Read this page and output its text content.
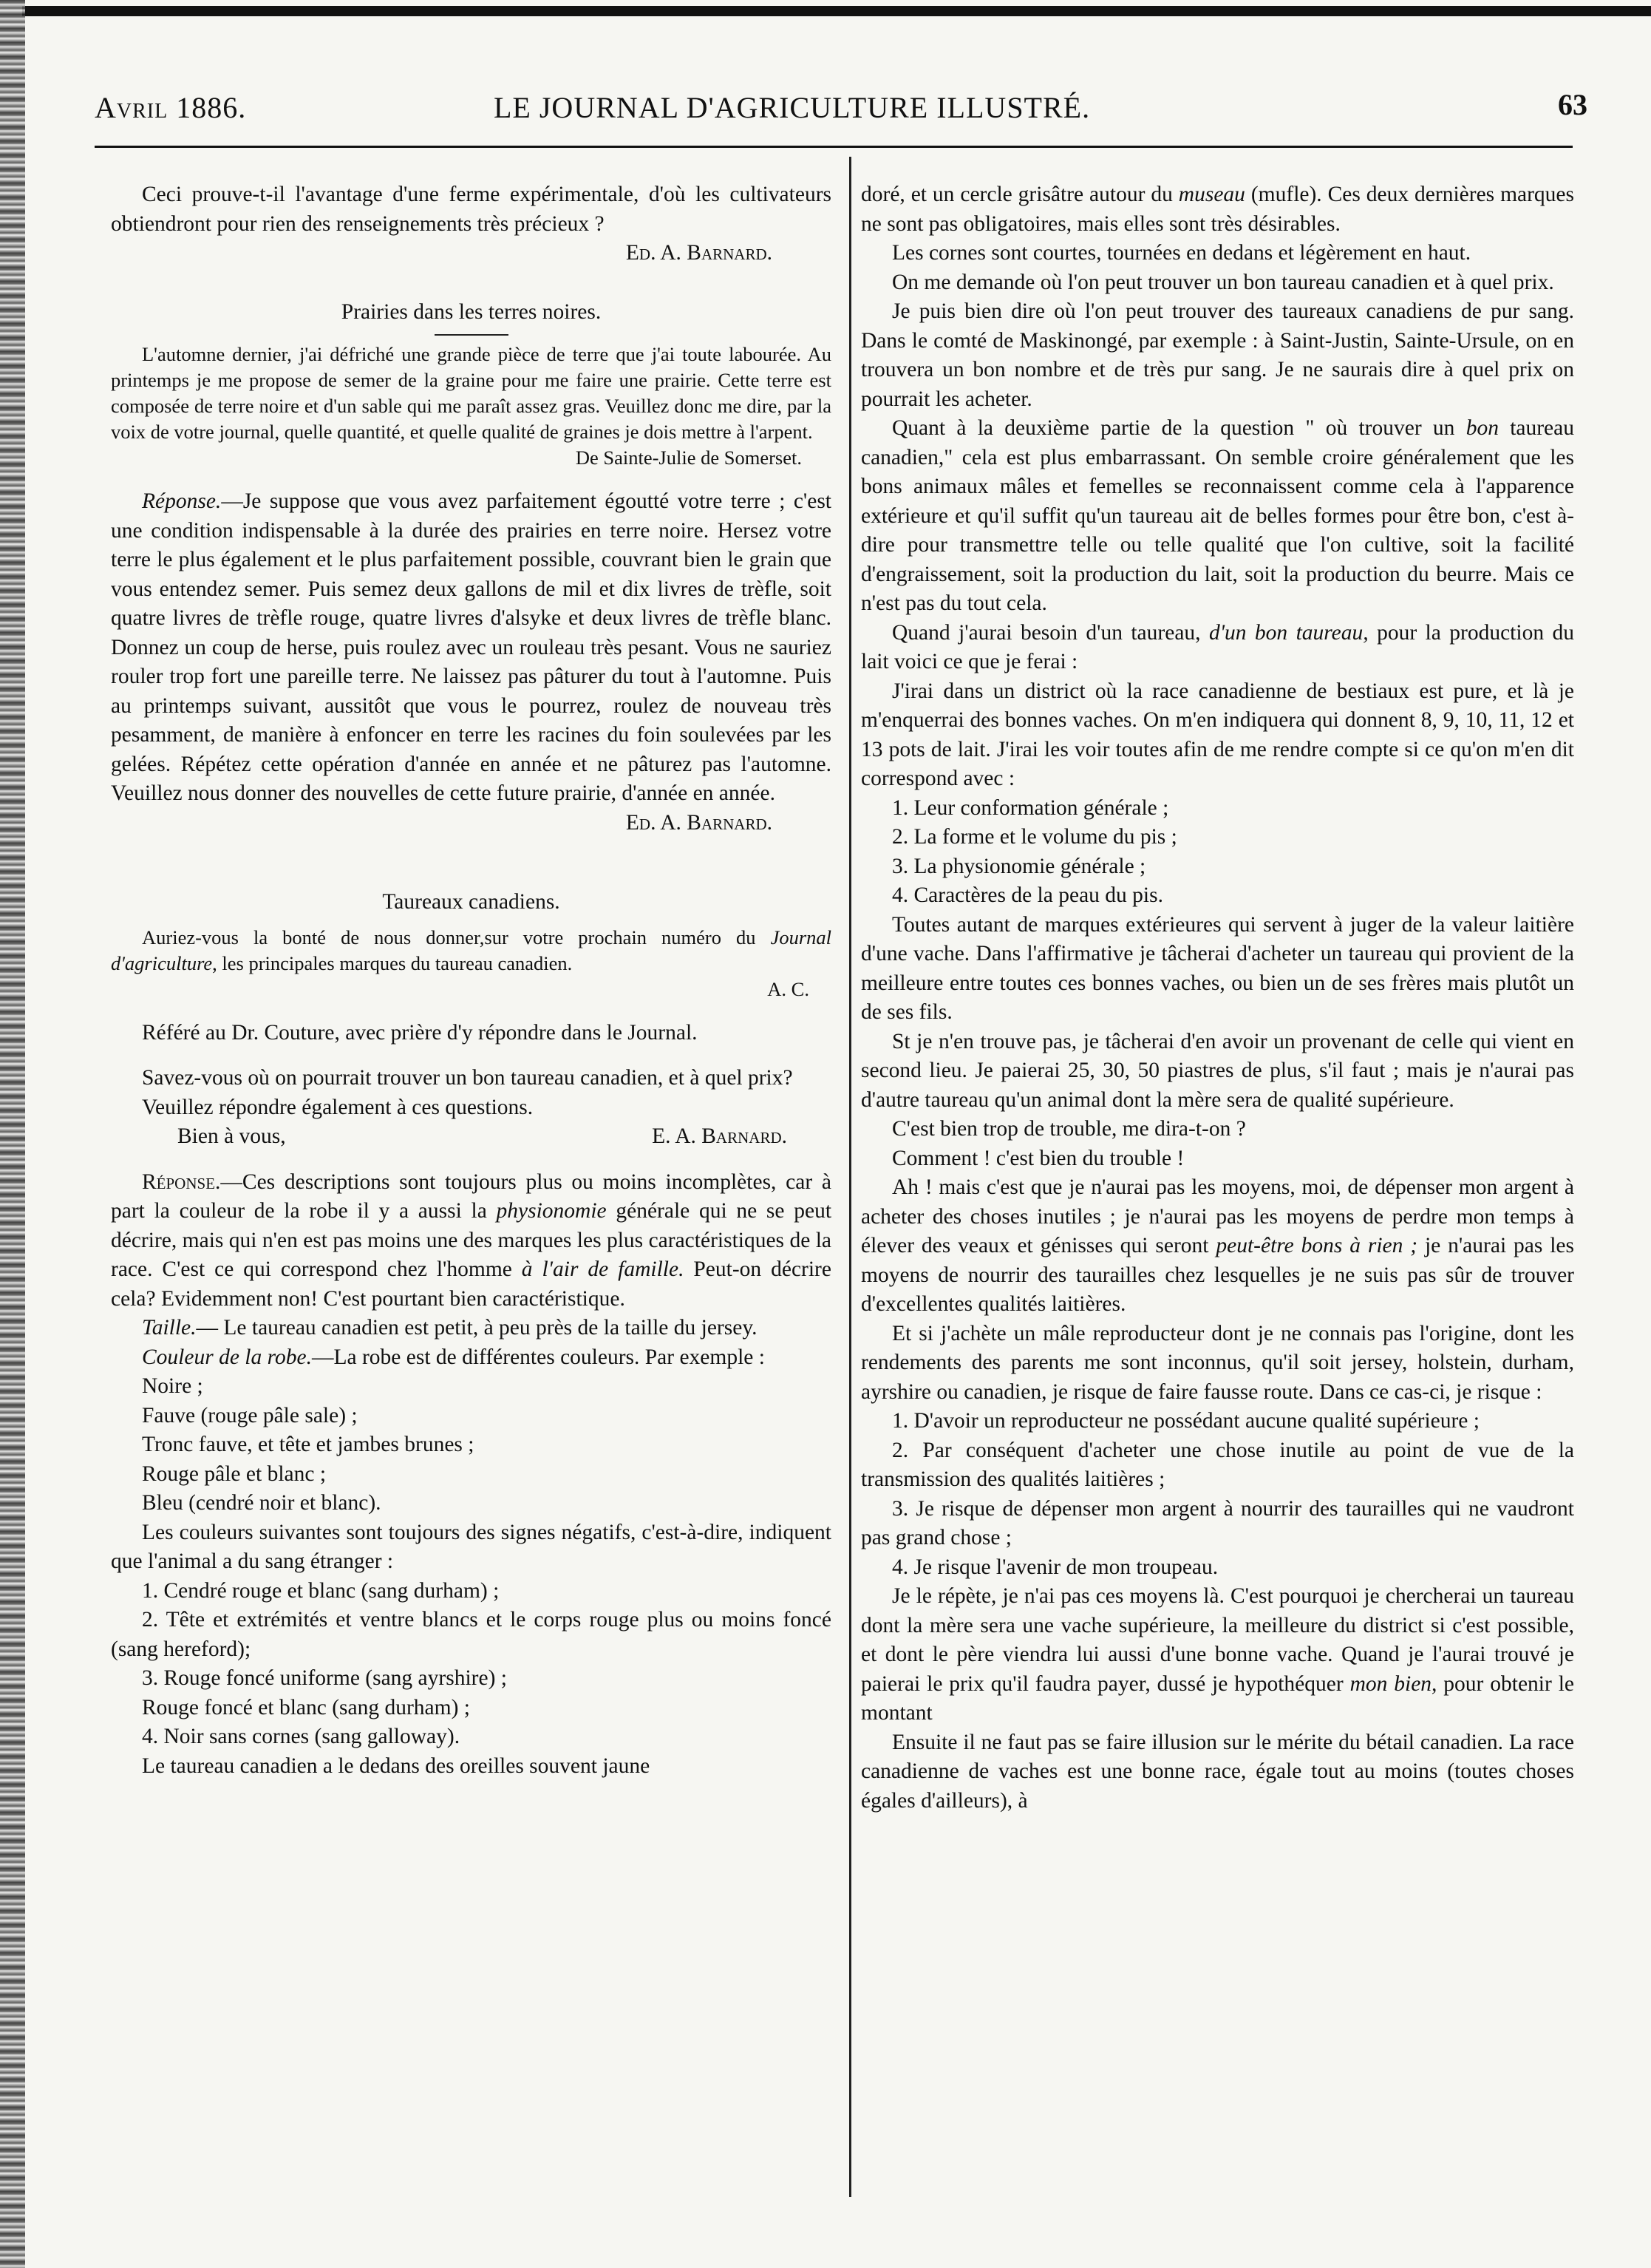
Avril 1886.	LE JOURNAL D'AGRICULTURE ILLUSTRÉ.	63

Ceci prouve-t-il l'avantage d'une ferme expérimentale, d'où les cultivateurs obtiendront pour rien des renseignements très précieux ?

Ed. A. Barnard.

Prairies dans les terres noires.

L'automne dernier, j'ai défriché une grande pièce de terre que j'ai toute labourée. Au printemps je me propose de semer de la graine pour me faire une prairie. Cette terre est composée de terre noire et d'un sable qui me paraît assez gras. Veuillez donc me dire, par la voix de votre journal, quelle quantité, et quelle qualité de graines je dois mettre à l'arpent.

De Sainte-Julie de Somerset.

Réponse.—Je suppose que vous avez parfaitement égoutté votre terre ; c'est une condition indispensable à la durée des prairies en terre noire. Hersez votre terre le plus également et le plus parfaitement possible, couvrant bien le grain que vous entendez semer. Puis semez deux gallons de mil et dix livres de trèfle, soit quatre livres de trèfle rouge, quatre livres d'alsyke et deux livres de trèfle blanc. Donnez un coup de herse, puis roulez avec un rouleau très pesant. Vous ne sauriez rouler trop fort une pareille terre. Ne laissez pas pâturer du tout à l'automne. Puis au printemps suivant, aussitôt que vous le pourrez, roulez de nouveau très pesamment, de manière à enfoncer en terre les racines du foin soulevées par les gelées. Répétez cette opération d'année en année et ne pâturez pas l'automne. Veuillez nous donner des nouvelles de cette future prairie, d'année en année.

Ed. A. Barnard.

Taureaux canadiens.

Auriez-vous la bonté de nous donner,sur votre prochain numéro du Journal d'agriculture, les principales marques du taureau canadien.

A. C.

Référé au Dr. Couture, avec prière d'y répondre dans le Journal.

Savez-vous où on pourrait trouver un bon taureau canadien, et à quel prix?

Veuillez répondre également à ces questions.

Bien à vous,	E. A. Barnard.

Réponse.—Ces descriptions sont toujours plus ou moins incomplètes, car à part la couleur de la robe il y a aussi la physionomie générale qui ne se peut décrire, mais qui n'en est pas moins une des marques les plus caractéristiques de la race. C'est ce qui correspond chez l'homme à l'air de famille. Peut-on décrire cela? Evidemment non! C'est pourtant bien caractéristique.

Taille.— Le taureau canadien est petit, à peu près de la taille du jersey.

Couleur de la robe.—La robe est de différentes couleurs. Par exemple :

Noire ;

Fauve (rouge pâle sale) ;

Tronc fauve, et tête et jambes brunes ;

Rouge pâle et blanc ;

Bleu (cendré noir et blanc).

Les couleurs suivantes sont toujours des signes négatifs, c'est-à-dire, indiquent que l'animal a du sang étranger :

1. Cendré rouge et blanc (sang durham) ;

2. Tête et extrémités et ventre blancs et le corps rouge plus ou moins foncé (sang hereford);

3. Rouge foncé uniforme (sang ayrshire) ;

Rouge foncé et blanc (sang durham) ;

4. Noir sans cornes (sang galloway).

Le taureau canadien a le dedans des oreilles souvent jaune

doré, et un cercle grisâtre autour du museau (mufle). Ces deux dernières marques ne sont pas obligatoires, mais elles sont très désirables.

Les cornes sont courtes, tournées en dedans et légèrement en haut.

On me demande où l'on peut trouver un bon taureau canadien et à quel prix.

Je puis bien dire où l'on peut trouver des taureaux canadiens de pur sang. Dans le comté de Maskinongé, par exemple : à Saint-Justin, Sainte-Ursule, on en trouvera un bon nombre et de très pur sang. Je ne saurais dire à quel prix on pourrait les acheter.

Quant à la deuxième partie de la question " où trouver un bon taureau canadien," cela est plus embarrassant. On semble croire généralement que les bons animaux mâles et femelles se reconnaissent comme cela à l'apparence extérieure et qu'il suffit qu'un taureau ait de belles formes pour être bon, c'est à-dire pour transmettre telle ou telle qualité que l'on cultive, soit la facilité d'engraissement, soit la production du lait, soit la production du beurre. Mais ce n'est pas du tout cela.

Quand j'aurai besoin d'un taureau, d'un bon taureau, pour la production du lait voici ce que je ferai :

J'irai dans un district où la race canadienne de bestiaux est pure, et là je m'enquerrai des bonnes vaches. On m'en indiquera qui donnent 8, 9, 10, 11, 12 et 13 pots de lait. J'irai les voir toutes afin de me rendre compte si ce qu'on m'en dit correspond avec :

1. Leur conformation générale ;

2. La forme et le volume du pis ;

3. La physionomie générale ;

4. Caractères de la peau du pis.

Toutes autant de marques extérieures qui servent à juger de la valeur laitière d'une vache. Dans l'affirmative je tâcherai d'acheter un taureau qui provient de la meilleure entre toutes ces bonnes vaches, ou bien un de ses frères mais plutôt un de ses fils.

St je n'en trouve pas, je tâcherai d'en avoir un provenant de celle qui vient en second lieu. Je paierai 25, 30, 50 piastres de plus, s'il faut ; mais je n'aurai pas d'autre taureau qu'un animal dont la mère sera de qualité supérieure.

C'est bien trop de trouble, me dira-t-on ?

Comment ! c'est bien du trouble !

Ah ! mais c'est que je n'aurai pas les moyens, moi, de dépenser mon argent à acheter des choses inutiles ; je n'aurai pas les moyens de perdre mon temps à élever des veaux et génisses qui seront peut-être bons à rien ; je n'aurai pas les moyens de nourrir des taurailles chez lesquelles je ne suis pas sûr de trouver d'excellentes qualités laitières.

Et si j'achète un mâle reproducteur dont je ne connais pas l'origine, dont les rendements des parents me sont inconnus, qu'il soit jersey, holstein, durham, ayrshire ou canadien, je risque de faire fausse route. Dans ce cas-ci, je risque :

1. D'avoir un reproducteur ne possédant aucune qualité supérieure ;

2. Par conséquent d'acheter une chose inutile au point de vue de la transmission des qualités laitières ;

3. Je risque de dépenser mon argent à nourrir des taurailles qui ne vaudront pas grand chose ;

4. Je risque l'avenir de mon troupeau.

Je le répète, je n'ai pas ces moyens là. C'est pourquoi je chercherai un taureau dont la mère sera une vache supérieure, la meilleure du district si c'est possible, et dont le père viendra lui aussi d'une bonne vache. Quand je l'aurai trouvé je paierai le prix qu'il faudra payer, dussé je hypothéquer mon bien, pour obtenir le montant

Ensuite il ne faut pas se faire illusion sur le mérite du bétail canadien. La race canadienne de vaches est une bonne race, égale tout au moins (toutes choses égales d'ailleurs), à
